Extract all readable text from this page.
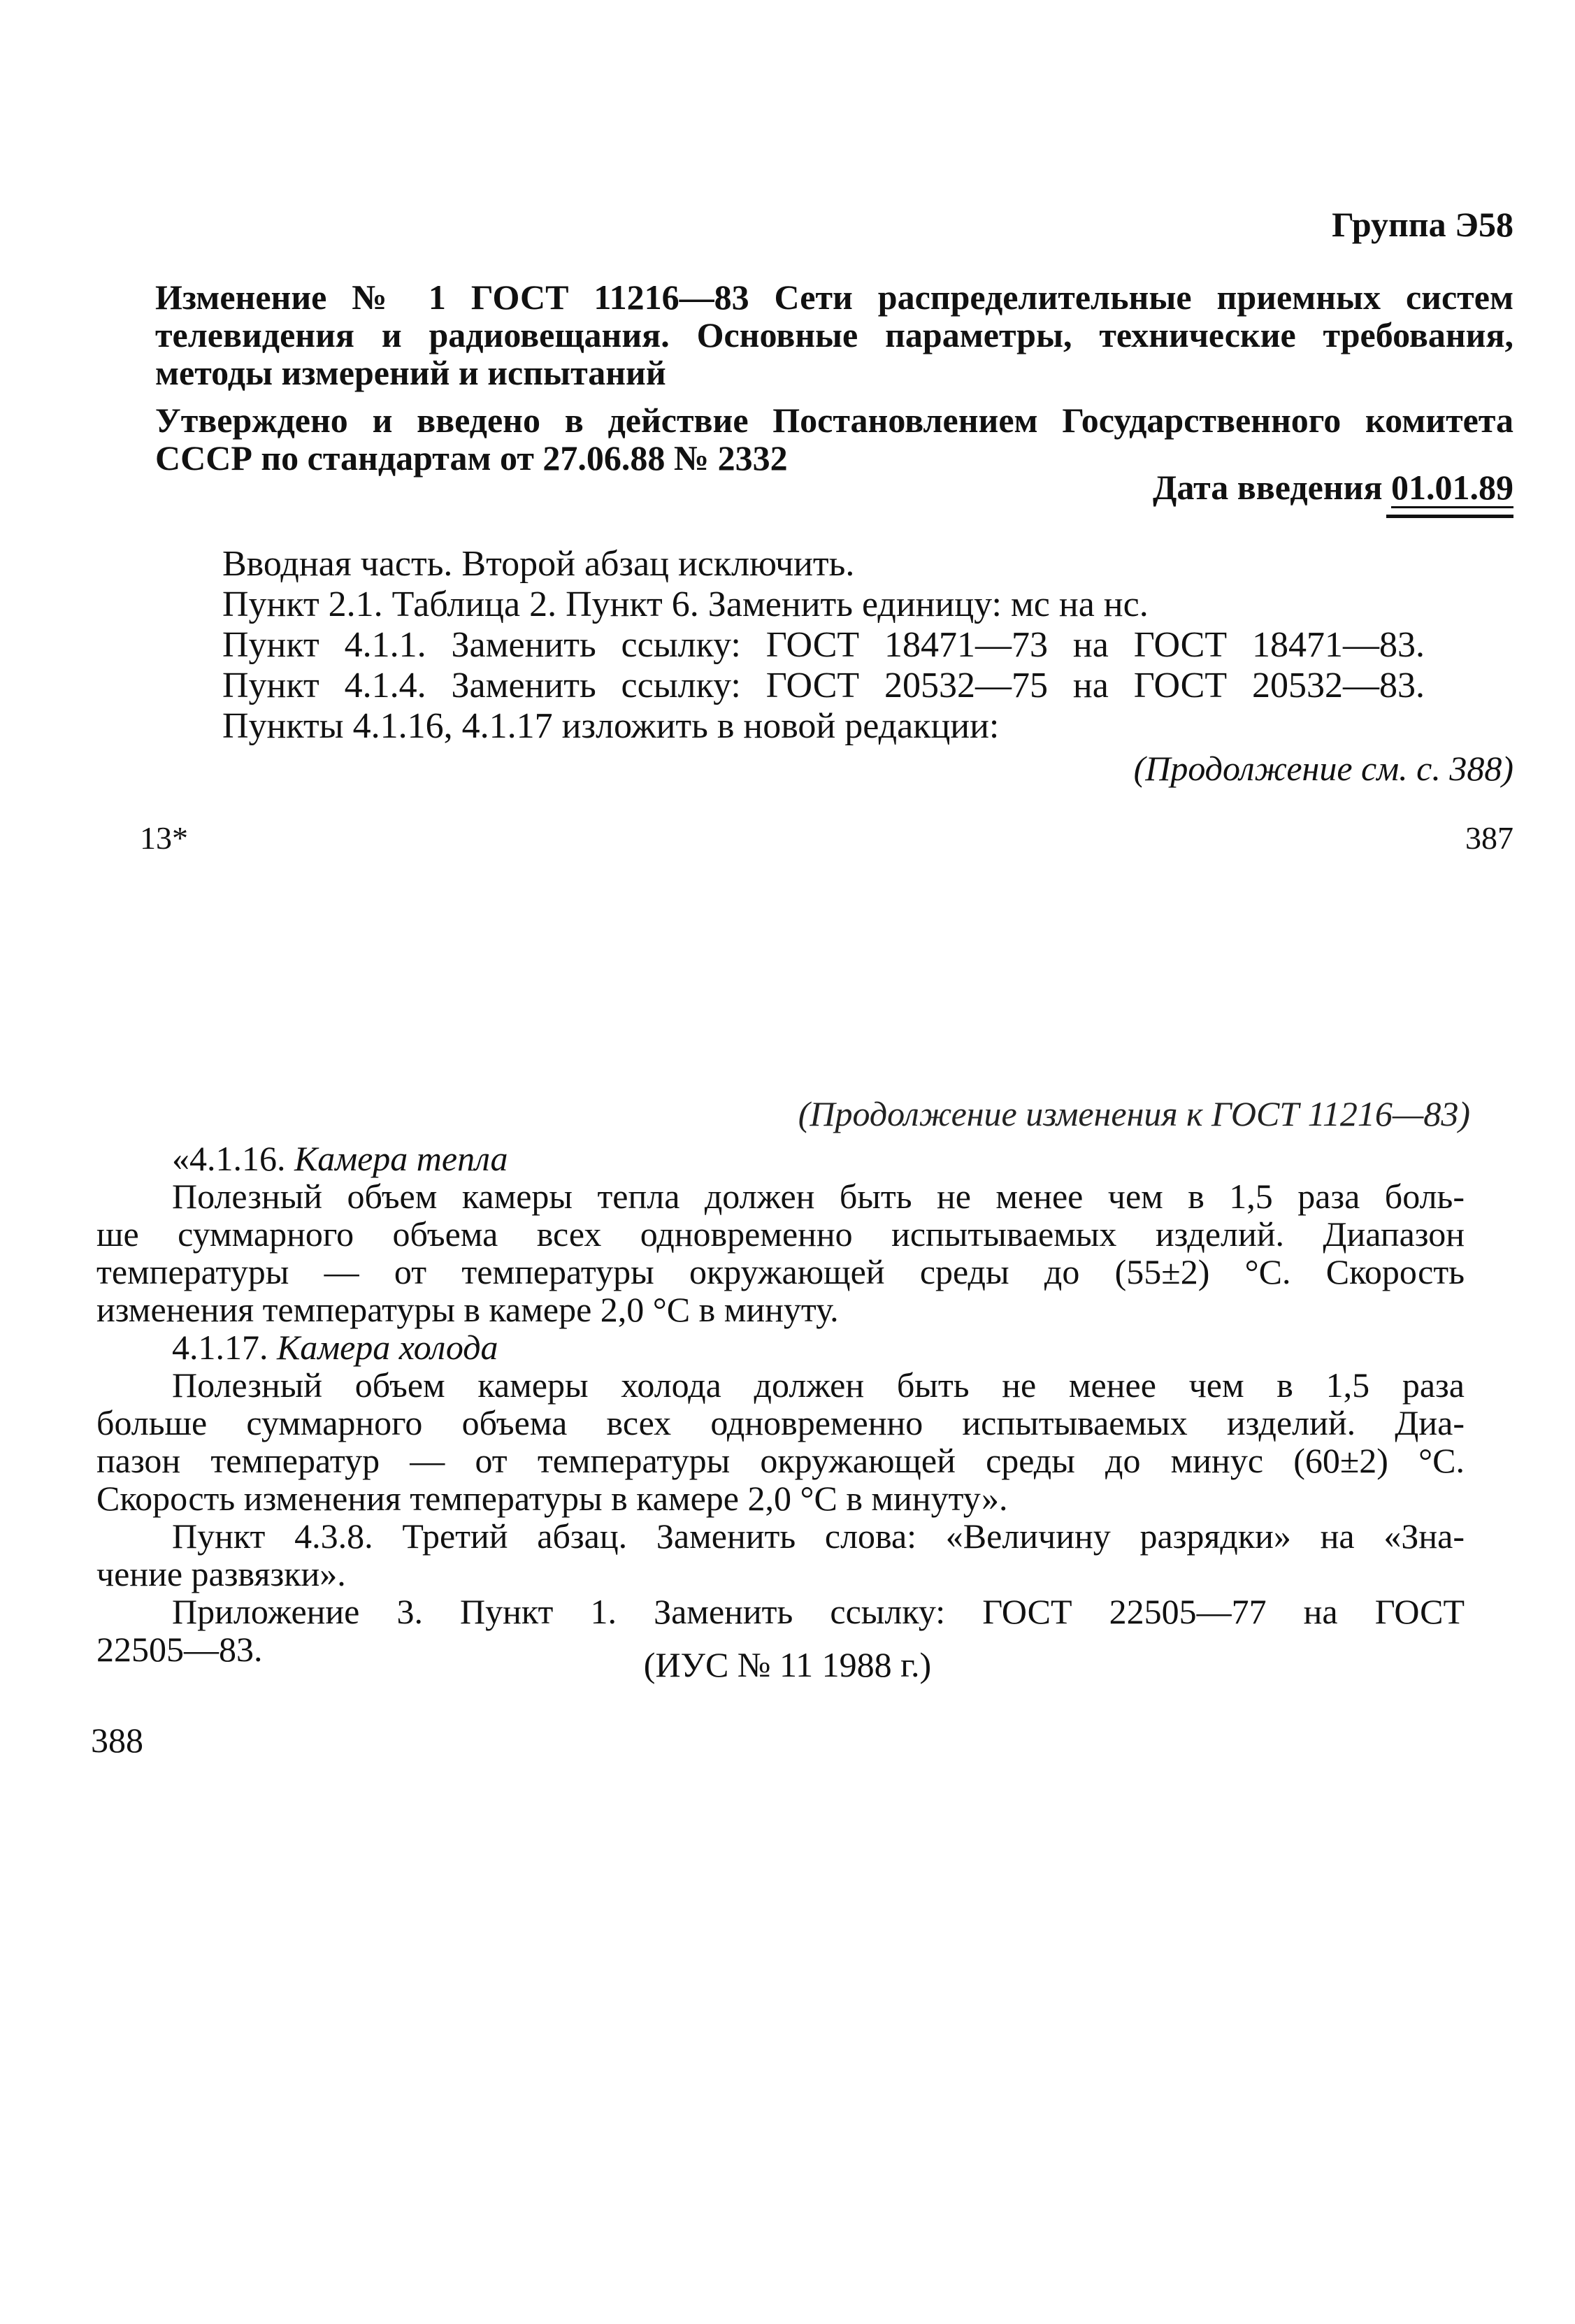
Группа Э58
Изменение № 1 ГОСТ 11216—83 Сети распределительные приемных систем
телевидения и радиовещания. Основные параметры, технические требования,
методы измерений и испытаний
Утверждено и введено в действие Постановлением Государственного комитета
СССР по стандартам от 27.06.88 № 2332
Дата введения 01.01.89
Вводная часть. Второй абзац исключить.
Пункт 2.1. Таблица 2. Пункт 6. Заменить единицу: мс на нс.
Пункт 4.1.1. Заменить ссылку: ГОСТ 18471—73 на ГОСТ 18471—83.
Пункт 4.1.4. Заменить ссылку: ГОСТ 20532—75 на ГОСТ 20532—83.
Пункты 4.1.16, 4.1.17 изложить в новой редакции:
(Продолжение см. с. 388)
13*	387
(Продолжение изменения к ГОСТ 11216—83)
«4.1.16. Камера тепла
Полезный объем камеры тепла должен быть не менее чем в 1,5 раза боль-
ше суммарного объема всех одновременно испытываемых изделий. Диапазон
температуры — от температуры окружающей среды до (55±2) °С. Скорость
изменения температуры в камере 2,0 °С в минуту.
4.1.17. Камера холода
Полезный объем камеры холода должен быть не менее чем в 1,5 раза
больше суммарного объема всех одновременно испытываемых изделий. Диа-
пазон температур — от температуры окружающей среды до минус (60±2) °С.
Скорость изменения температуры в камере 2,0 °С в минуту».
Пункт 4.3.8. Третий абзац. Заменить слова: «Величину разрядки» на «Зна-
чение развязки».
Приложение 3. Пункт 1. Заменить ссылку: ГОСТ 22505—77 на ГОСТ
22505—83.	(ИУС № 11 1988 г.)
388
